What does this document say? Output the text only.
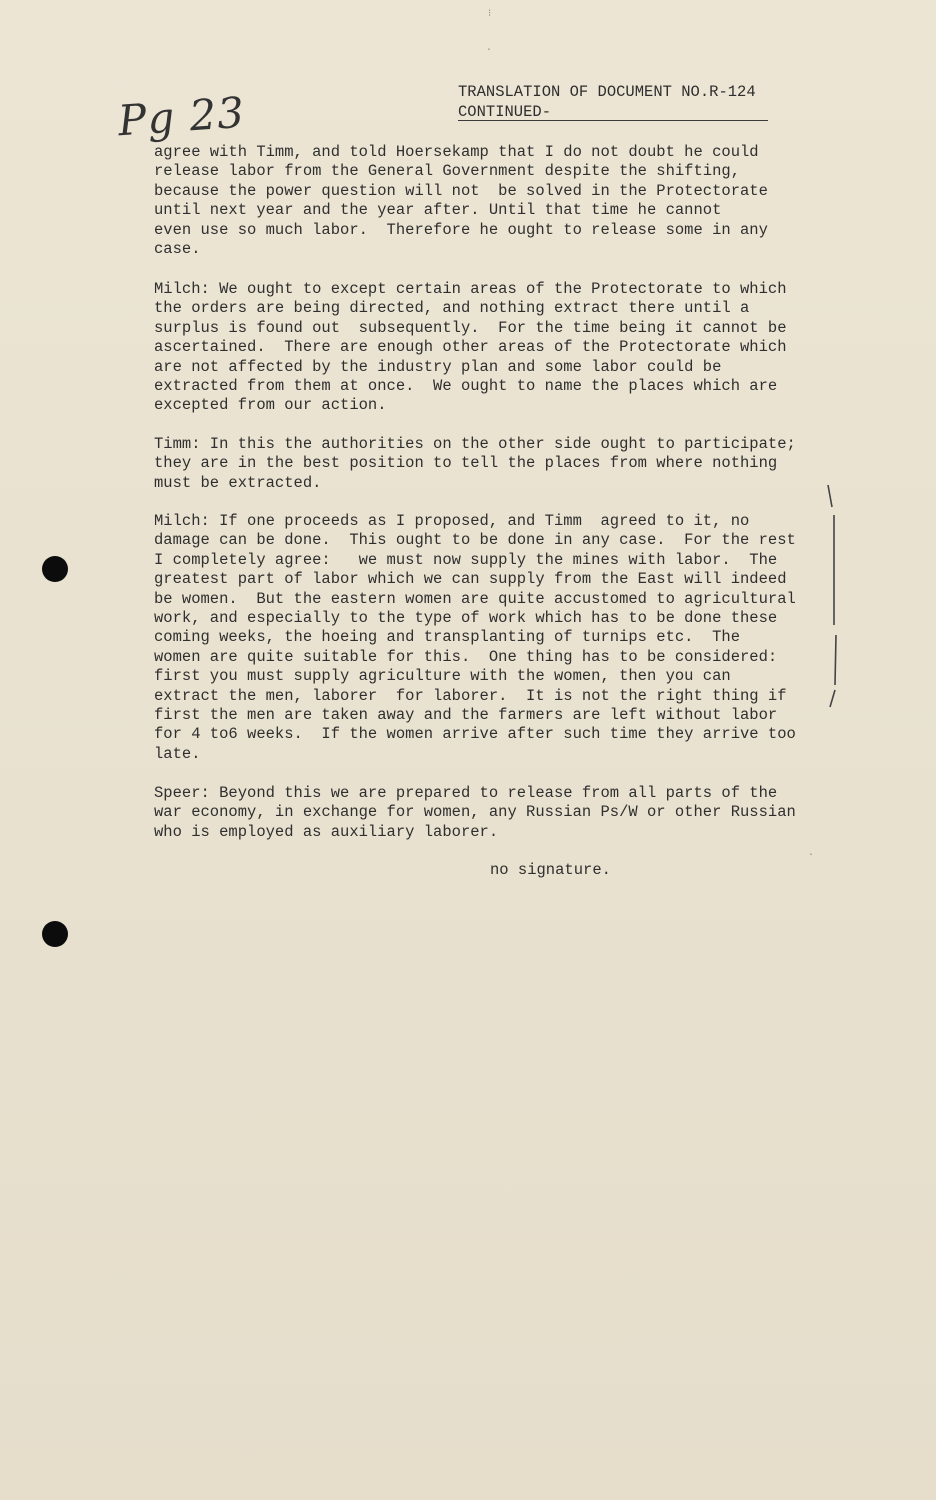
Pg 23	TRANSLATION OF DOCUMENT NO.R-124
CONTINUED-

agree with Timm, and told Hoersekamp that I do not doubt he could

release labor from the General Government despite the shifting,

because the power question will not  be solved in the Protectorate

until next year and the year after. Until that time he cannot

even use so much labor.  Therefore he ought to release some in any

case.

Milch: We ought to except certain areas of the Protectorate to which

the orders are being directed, and nothing extract there until a

surplus is found out  subsequently.  For the time being it cannot be

ascertained.  There are enough other areas of the Protectorate which

are not affected by the industry plan and some labor could be

extracted from them at once.  We ought to name the places which are

excepted from our action.

Timm: In this the authorities on the other side ought to participate;

they are in the best position to tell the places from where nothing

must be extracted.

Milch: If one proceeds as I proposed, and Timm  agreed to it, no

damage can be done.  This ought to be done in any case.  For the rest

I completely agree:   we must now supply the mines with labor.  The

greatest part of labor which we can supply from the East will indeed

be women.  But the eastern women are quite accustomed to agricultural

work, and especially to the type of work which has to be done these

coming weeks, the hoeing and transplanting of turnips etc.  The

women are quite suitable for this.  One thing has to be considered:

first you must supply agriculture with the women, then you can

extract the men, laborer  for laborer.  It is not the right thing if

first the men are taken away and the farmers are left without labor

for 4 to6 weeks.  If the women arrive after such time they arrive too

late.

Speer: Beyond this we are prepared to release from all parts of the

war economy, in exchange for women, any Russian Ps/W or other Russian

who is employed as auxiliary laborer.

no signature.
⁝
·
·
